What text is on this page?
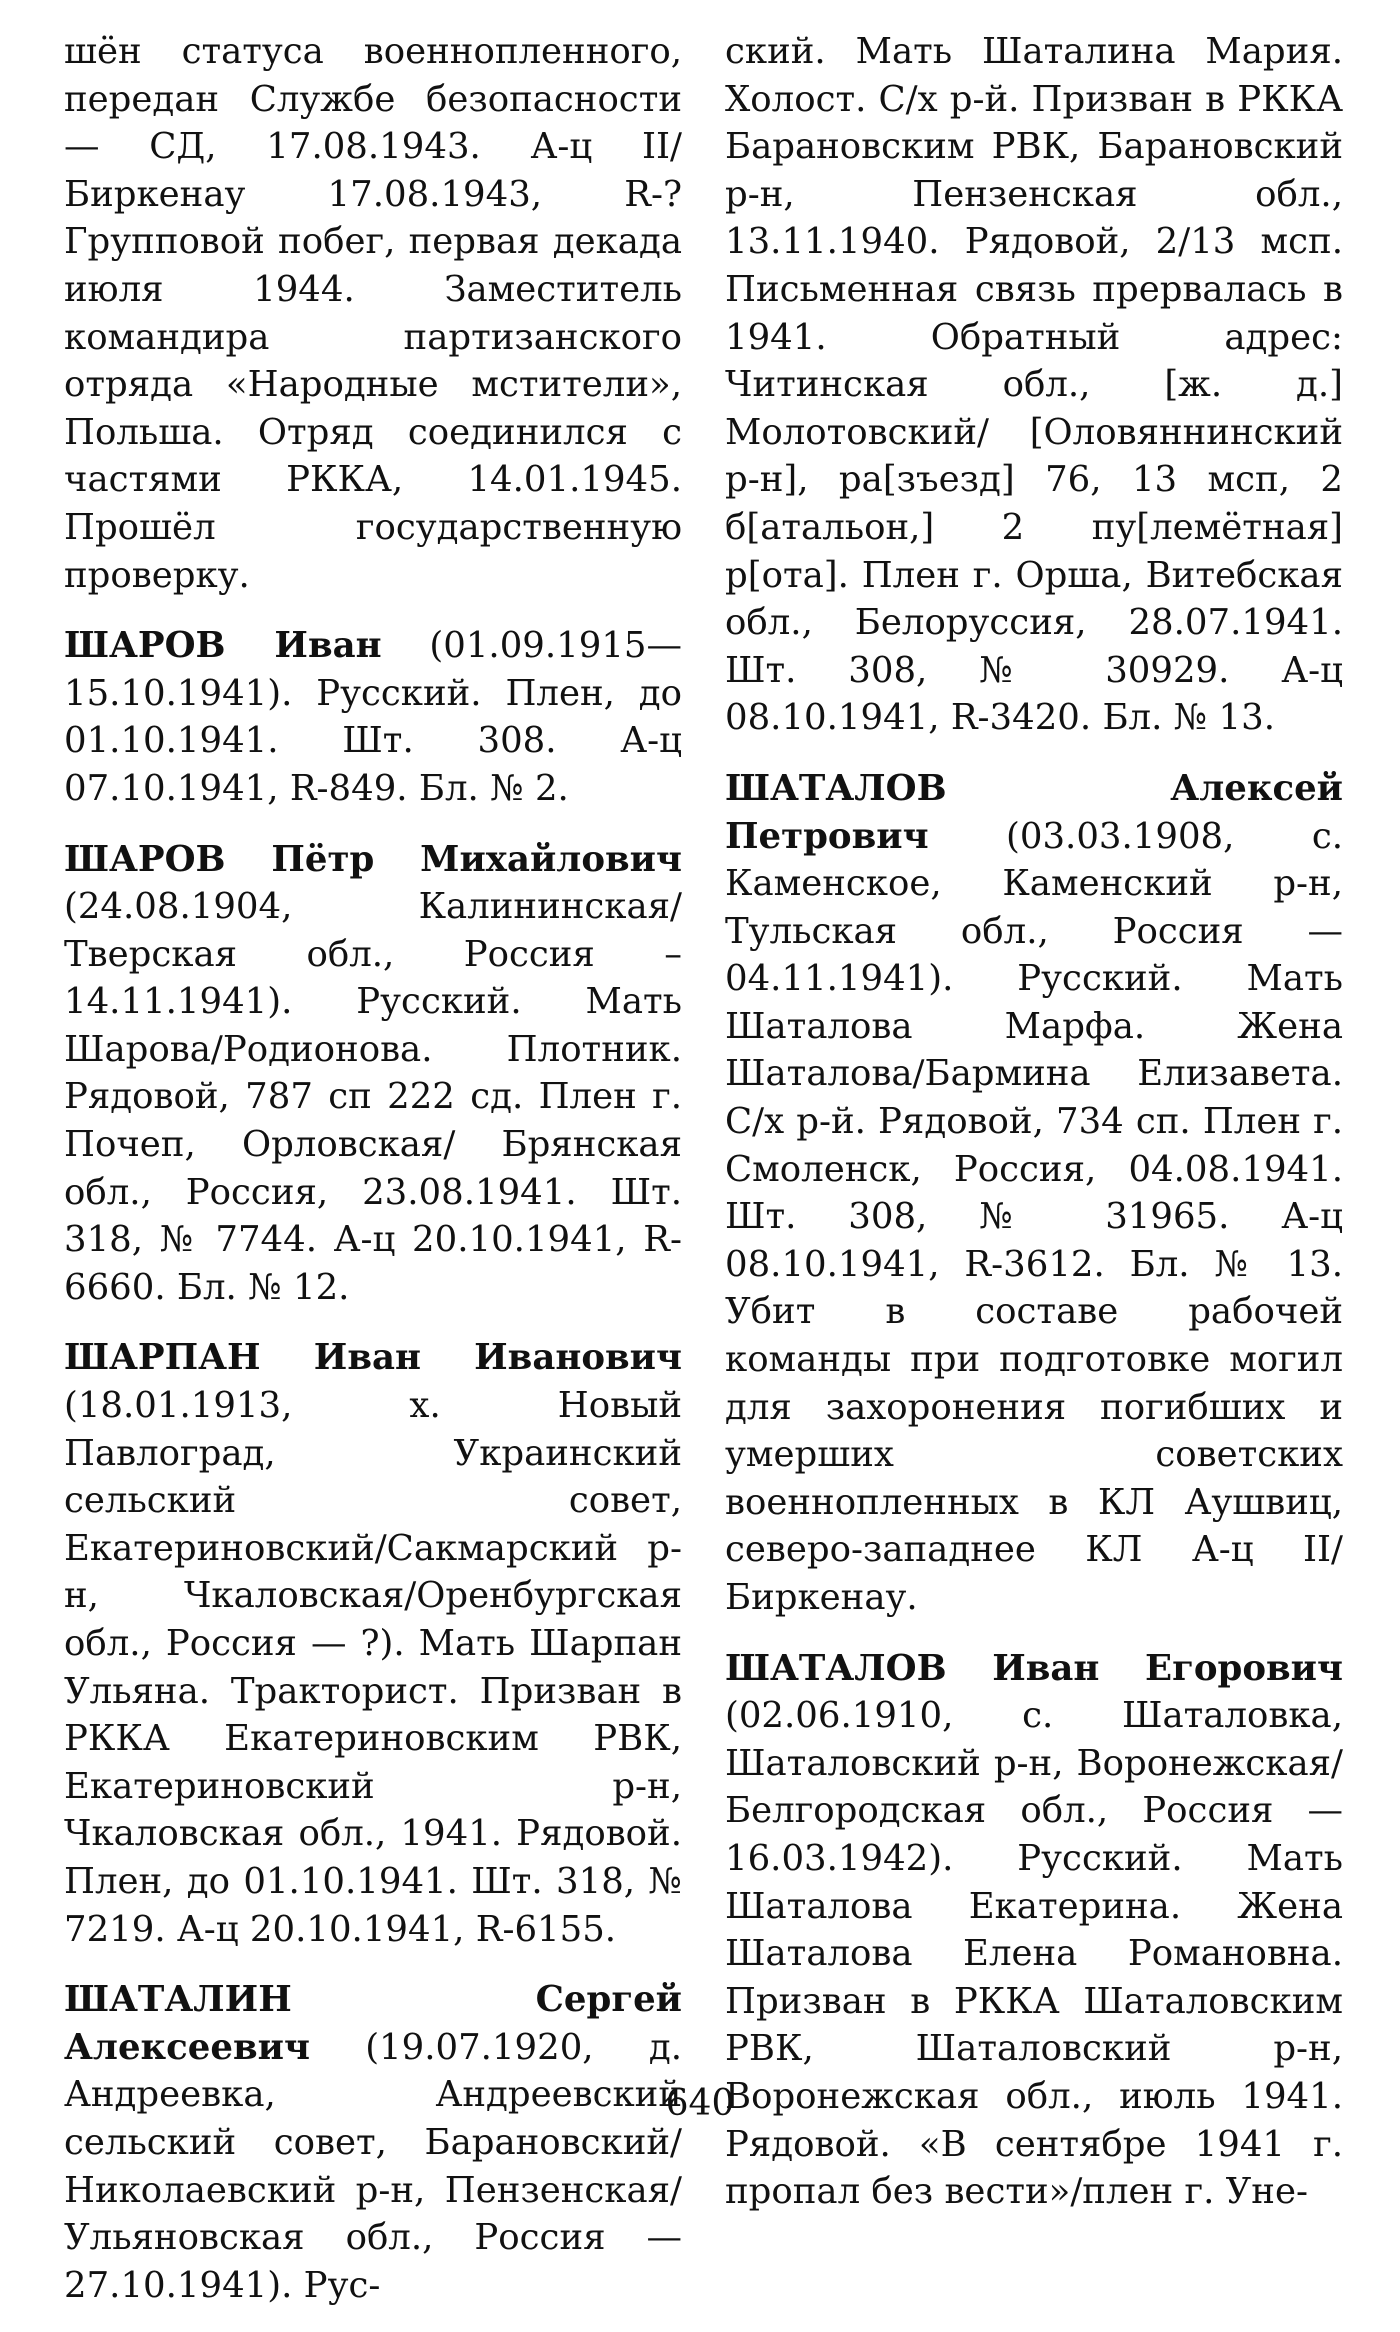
шён статуса военнопленного, передан Службе безопасности — СД, 17.08.1943. А-ц II/Биркенау 17.08.1943, R-? Групповой побег, первая декада июля 1944. Заместитель командира партизанского отряда «Народные мстители», Польша. Отряд соединился с частями РККА, 14.01.1945. Прошёл государственную проверку.

ШАРОВ Иван (01.09.1915—15.10.1941). Русский. Плен, до 01.10.1941. Шт. 308. А-ц 07.10.1941, R-849. Бл. № 2.

ШАРОВ Пётр Михайлович (24.08.1904, Калининская/Тверская обл., Россия – 14.11.1941). Русский. Мать Шарова/Родионова. Плотник. Рядовой, 787 сп 222 сд. Плен г. Почеп, Орловская/ Брянская обл., Россия, 23.08.1941. Шт. 318, № 7744. А-ц 20.10.1941, R-6660. Бл. № 12.

ШАРПАН Иван Иванович (18.01.1913, х. Новый Павлоград, Украинский сельский совет, Екатериновский/Сакмарский р-н, Чкаловская/Оренбургская обл., Россия — ?). Мать Шарпан Ульяна. Тракторист. Призван в РККА Екатериновским РВК, Екатериновский р-н, Чкаловская обл., 1941. Рядовой. Плен, до 01.10.1941. Шт. 318, № 7219. А-ц 20.10.1941, R-6155.

ШАТАЛИН Сергей Алексеевич (19.07.1920, д. Андреевка, Андреевский сельский совет, Барановский/Николаевский р-н, Пензенская/Ульяновская обл., Россия — 27.10.1941). Рус-

ский. Мать Шаталина Мария. Холост. С/х р-й. Призван в РККА Барановским РВК, Барановский р-н, Пензенская обл., 13.11.1940. Рядовой, 2/13 мсп. Письменная связь прервалась в 1941. Обратный адрес: Читинская обл., [ж. д.] Молотовский/ [Оловяннинский р-н], ра[зъезд] 76, 13 мсп, 2 б[атальон,] 2 пу[лемётная] р[ота]. Плен г. Орша, Витебская обл., Белоруссия, 28.07.1941. Шт. 308, № 30929. А-ц 08.10.1941, R-3420. Бл. № 13.

ШАТАЛОВ Алексей Петрович (03.03.1908, с. Каменское, Каменский р-н, Тульская обл., Россия — 04.11.1941). Русский. Мать Шаталова Марфа. Жена Шаталова/Бармина Елизавета. С/х р-й. Рядовой, 734 сп. Плен г. Смоленск, Россия, 04.08.1941. Шт. 308, № 31965. А-ц 08.10.1941, R-3612. Бл. № 13. Убит в составе рабочей команды при подготовке могил для захоронения погибших и умерших советских военнопленных в КЛ Аушвиц, северо-западнее КЛ А-ц II/Биркенау.

ШАТАЛОВ Иван Егорович (02.06.1910, с. Шаталовка, Шаталовский р-н, Воронежская/ Белгородская обл., Россия — 16.03.1942). Русский. Мать Шаталова Екатерина. Жена Шаталова Елена Романовна. Призван в РККА Шаталовским РВК, Шаталовский р-н, Воронежская обл., июль 1941. Рядовой. «В сентябре 1941 г. пропал без вести»/плен г. Уне-

640
